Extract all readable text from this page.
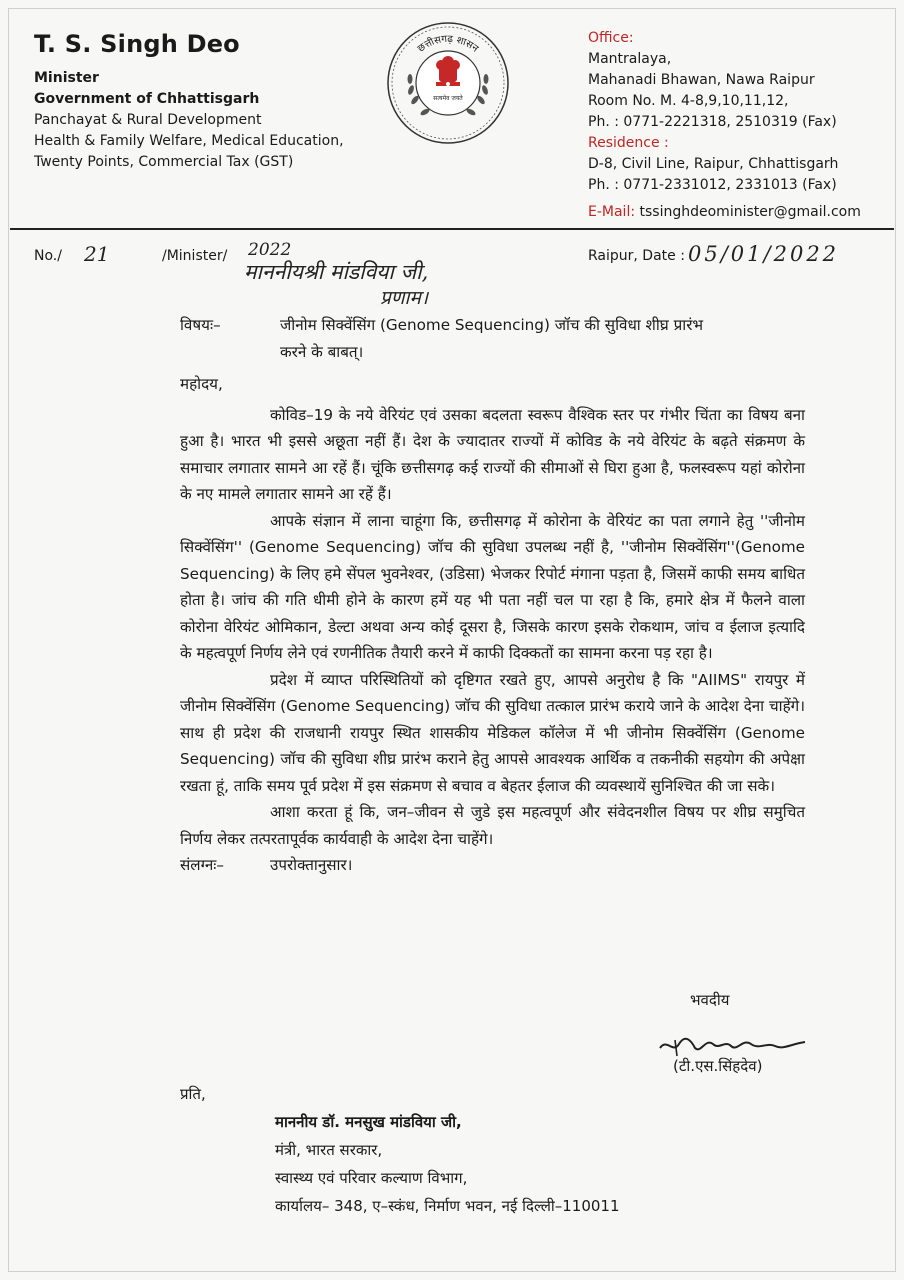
T. S. Singh Deo
Minister
Government of Chhattisgarh
Panchayat & Rural Development
Health & Family Welfare, Medical Education,
Twenty Points, Commercial Tax (GST)
छत्तीसगढ़ शासन
सत्यमेव जयते
Office:
Mantralaya,
Mahanadi Bhawan, Nawa Raipur
Room No. M. 4-8,9,10,11,12,
Ph. : 0771-2221318, 2510319 (Fax)
Residence :
D-8, Civil Line, Raipur, Chhattisgarh
Ph. : 0771-2331012, 2331013 (Fax)
E-Mail: tssinghdeominister@gmail.com
No./ 21	/Minister/ 2022
माननीयश्री मांडविया जी,
प्रणाम।
Raipur, Date : 05/01/2022
विषयः–	जीनोम सिक्वेंसिंग (Genome Sequencing) जॉच की सुविधा शीघ्र प्रारंभ
करने के बाबत्।
महोदय,

कोविड–19 के नये वेरियंट एवं उसका बदलता स्वरूप वैश्विक स्तर पर गंभीर चिंता का विषय बना हुआ है। भारत भी इससे अछूता नहीं हैं। देश के ज्यादातर राज्यों में कोविड के नये वेरियंट के बढ़ते संक्रमण के समाचार लगातार सामने आ रहें हैं। चूंकि छत्तीसगढ़ कई राज्यों की सीमाओं से घिरा हुआ है, फलस्वरूप यहां कोरोना के नए मामले लगातार सामने आ रहें हैं।

आपके संज्ञान में लाना चाहूंगा कि, छत्तीसगढ़ में कोरोना के वेरियंट का पता लगाने हेतु ''जीनोम सिक्वेंसिंग'' (Genome Sequencing) जॉच की सुविधा उपलब्ध नहीं है, ''जीनोम सिक्वेंसिंग''(Genome Sequencing) के लिए हमे सेंपल भुवनेश्वर, (उडिसा) भेजकर रिपोर्ट मंगाना पड़ता है, जिसमें काफी समय बाधित होता है। जांच की गति धीमी होने के कारण हमें यह भी पता नहीं चल पा रहा है कि, हमारे क्षेत्र में फैलने वाला कोरोना वेरियंट ओमिकान, डेल्टा अथवा अन्य कोई दूसरा है, जिसके कारण इसके रोकथाम, जांच व ईलाज इत्यादि के महत्वपूर्ण निर्णय लेने एवं रणनीतिक तैयारी करने में काफी दिक्कतों का सामना करना पड़ रहा है।

प्रदेश में व्याप्त परिस्थितियों को दृष्टिगत रखते हुए, आपसे अनुरोध है कि "AIIMS" रायपुर में जीनोम सिक्वेंसिंग (Genome Sequencing) जॉच की सुविधा तत्काल प्रारंभ कराये जाने के आदेश देना चाहेंगे। साथ ही प्रदेश की राजधानी रायपुर स्थित शासकीय मेडिकल कॉलेज में भी जीनोम सिक्वेंसिंग (Genome Sequencing) जॉच की सुविधा शीघ्र प्रारंभ कराने हेतु आपसे आवश्यक आर्थिक व तकनीकी सहयोग की अपेक्षा रखता हूं, ताकि समय पूर्व प्रदेश में इस संक्रमण से बचाव व बेहतर ईलाज की व्यवस्थायें सुनिश्चित की जा सके।

आशा करता हूं कि, जन–जीवन से जुडे इस महत्वपूर्ण और संवेदनशील विषय पर शीघ्र समुचित निर्णय लेकर तत्परतापूर्वक कार्यवाही के आदेश देना चाहेंगे।

संलग्नः–	उपरोक्तानुसार।
भवदीय
(टी.एस.सिंहदेव)
प्रति,
माननीय डॉ. मनसुख मांडविया जी,
मंत्री, भारत सरकार,
स्वास्थ्य एवं परिवार कल्याण विभाग,
कार्यालय– 348, ए–स्कंध, निर्माण भवन, नई दिल्ली–110011
